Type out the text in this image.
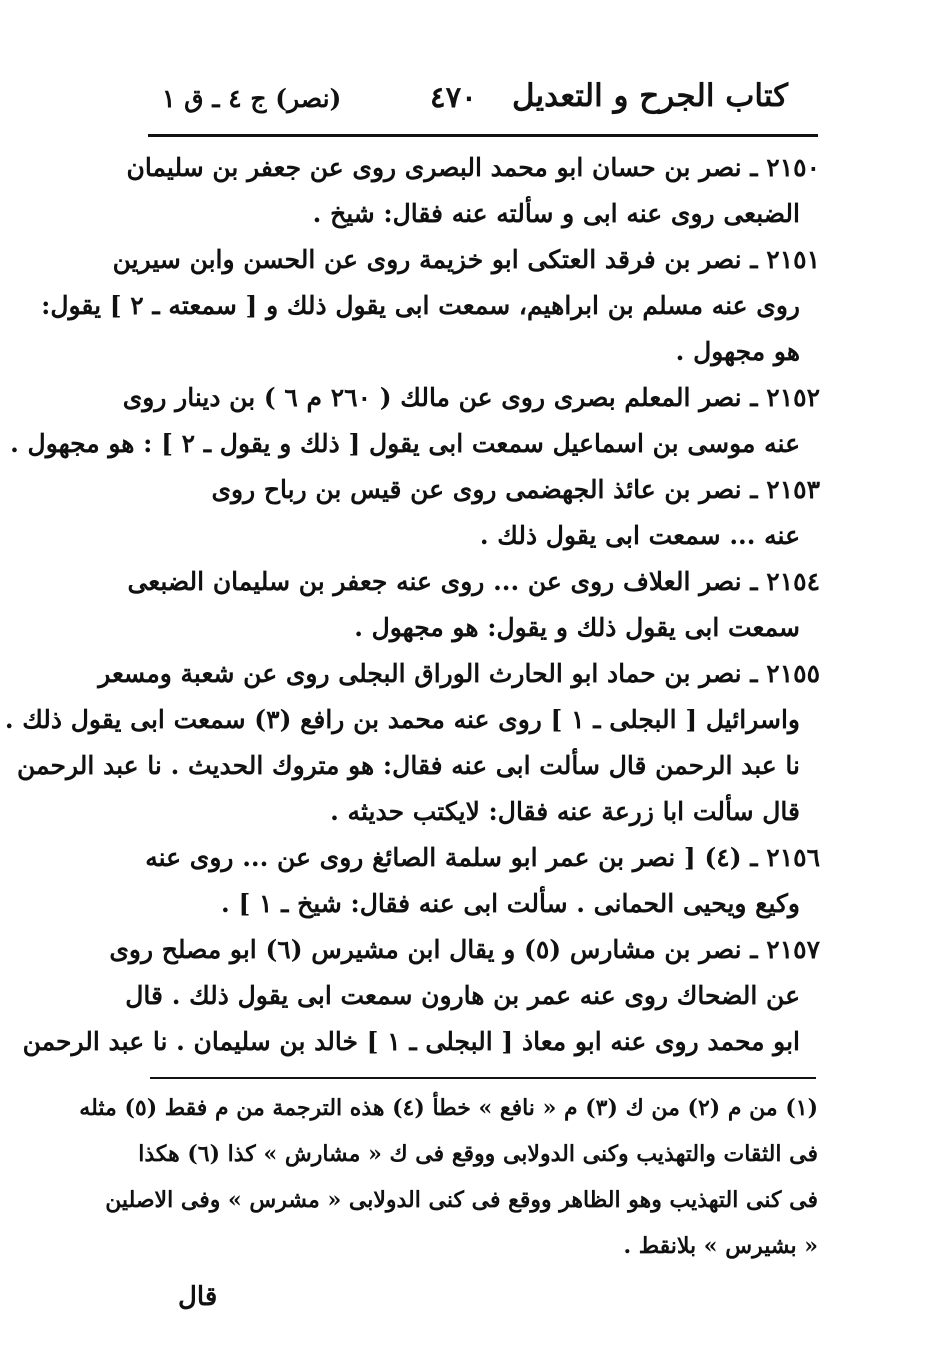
كتاب الجرح و التعديل
٤٧٠
(نصر) ج ٤ ـ ق ١
٢١٥٠ ـ نصر بن حسان ابو محمد البصرى روى عن جعفر بن سليمان
الضبعى روى عنه ابى و سألته عنه فقال: شيخ .
٢١٥١ ـ نصر بن فرقد العتكى ابو خزيمة روى عن الحسن وابن سيرين
روى عنه مسلم بن ابراهيم، سمعت ابى يقول ذلك و [ سمعته ـ ٢ ] يقول:
هو مجهول .
٢١٥٢ ـ نصر المعلم بصرى روى عن مالك ( ٢٦٠ م ٦ ) بن دينار روى
عنه موسى بن اسماعيل سمعت ابى يقول [ ذلك و يقول ـ ٢ ] : هو مجهول .
٢١٥٣ ـ نصر بن عائذ الجهضمى روى عن قيس بن رباح روى
عنه ... سمعت ابى يقول ذلك .
٢١٥٤ ـ نصر العلاف روى عن ... روى عنه جعفر بن سليمان الضبعى
سمعت ابى يقول ذلك و يقول: هو مجهول .
٢١٥٥ ـ نصر بن حماد ابو الحارث الوراق البجلى روى عن شعبة ومسعر
واسرائيل [ البجلى ـ ١ ] روى عنه محمد بن رافع (٣) سمعت ابى يقول ذلك .
نا عبد الرحمن قال سألت ابى عنه فقال: هو متروك الحديث . نا عبد الرحمن
قال سألت ابا زرعة عنه فقال: لايكتب حديثه .
٢١٥٦ ـ (٤) [ نصر بن عمر ابو سلمة الصائغ روى عن ... روى عنه
وكيع ويحيى الحمانى . سألت ابى عنه فقال: شيخ ـ ١ ] .
٢١٥٧ ـ نصر بن مشارس (٥) و يقال ابن مشيرس (٦) ابو مصلح روى
عن الضحاك روى عنه عمر بن هارون سمعت ابى يقول ذلك . قال
ابو محمد روى عنه ابو معاذ [ البجلى ـ ١ ] خالد بن سليمان . نا عبد الرحمن
(١) من م (٢) من ك (٣) م « نافع » خطأ (٤) هذه الترجمة من م فقط (٥) مثله
فى الثقات والتهذيب وكنى الدولابى ووقع فى ك « مشارش » كذا (٦) هكذا
فى كنى التهذيب وهو الظاهر ووقع فى كنى الدولابى « مشرس » وفى الاصلين
« بشيرس » بلانقط .
قال
